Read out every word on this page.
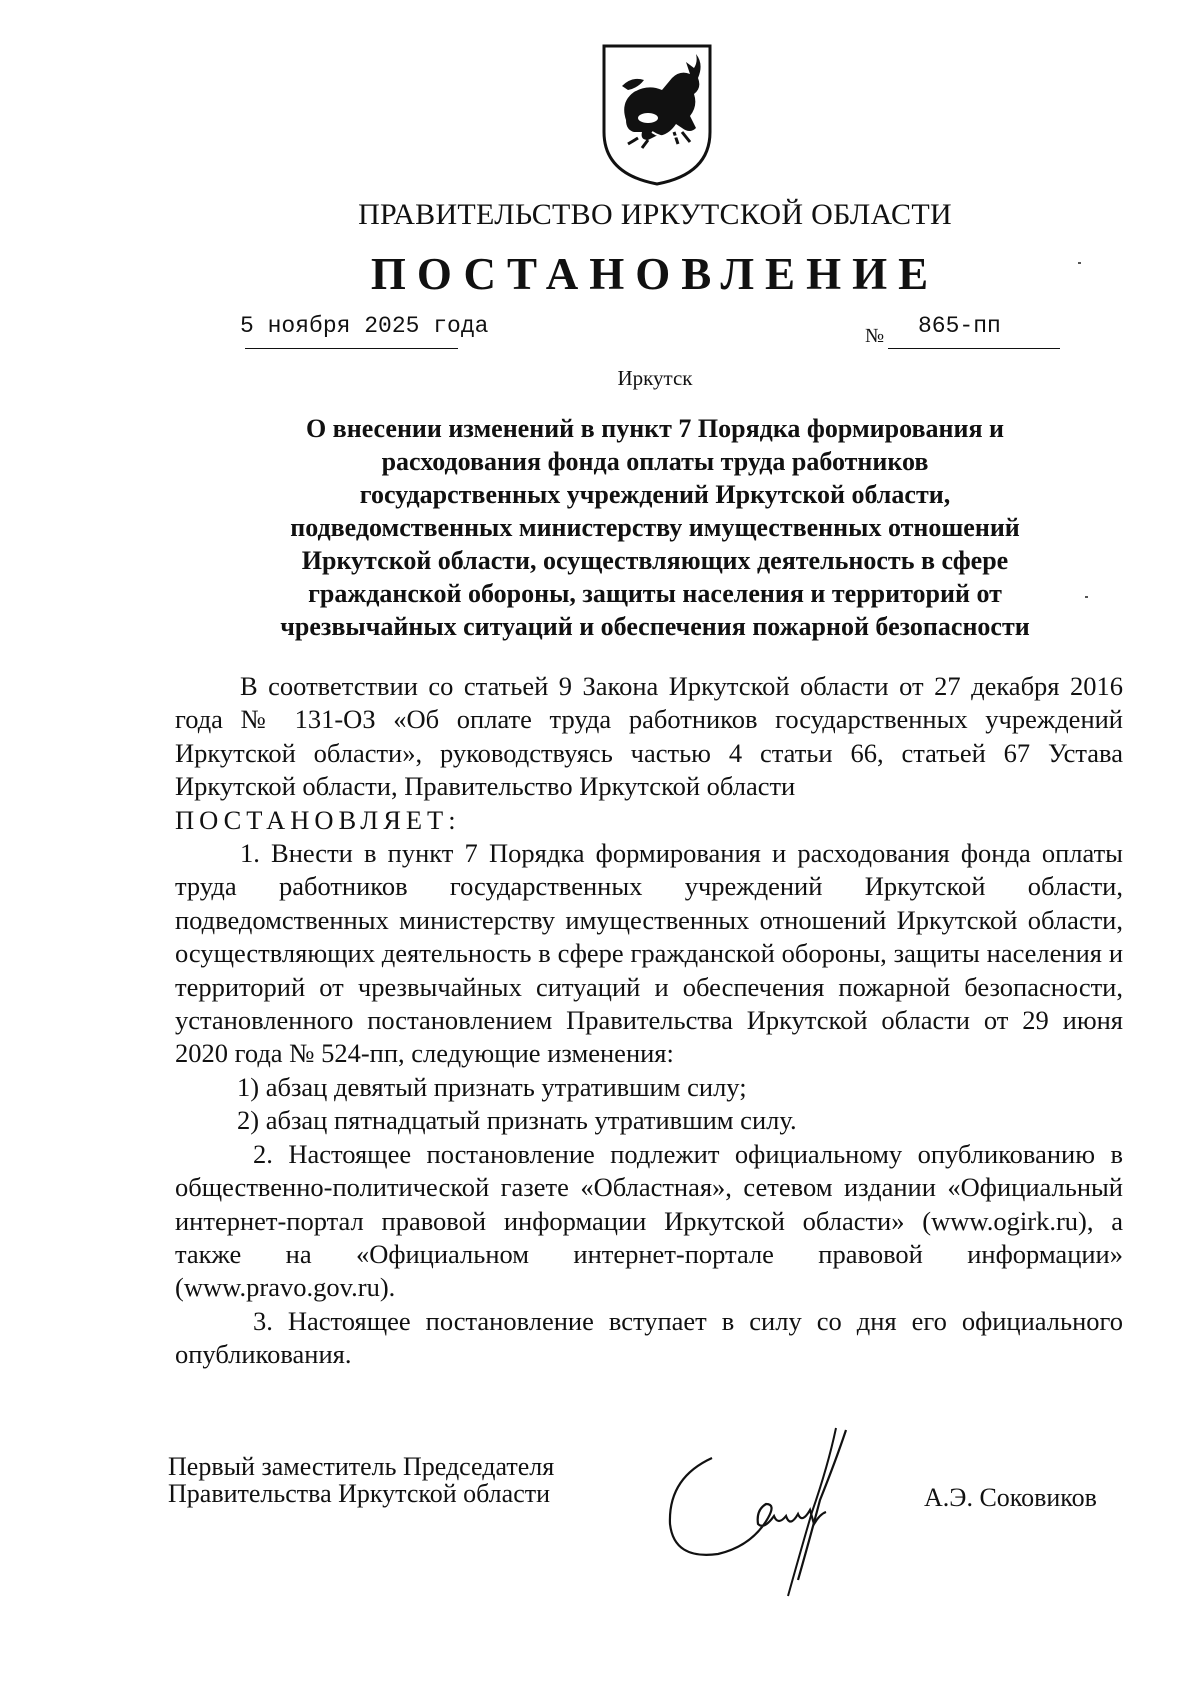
ПРАВИТЕЛЬСТВО ИРКУТСКОЙ ОБЛАСТИ
ПОСТАНОВЛЕНИЕ
5 ноября 2025 года	№ 865-пп
Иркутск
О внесении изменений в пункт 7 Порядка формирования и
расходования фонда оплаты труда работников
государственных учреждений Иркутской области,
подведомственных министерству имущественных отношений
Иркутской области, осуществляющих деятельность в сфере
гражданской обороны, защиты населения и территорий от
чрезвычайных ситуаций и обеспечения пожарной безопасности

В соответствии со статьей 9 Закона Иркутской области от 27 декабря 2016 года № 131-ОЗ «Об оплате труда работников государственных учреждений Иркутской области», руководствуясь частью 4 статьи 66, статьей 67 Устава Иркутской области, Правительство Иркутской области

ПОСТАНОВЛЯЕТ:

1. Внести в пункт 7 Порядка формирования и расходования фонда оплаты труда работников государственных учреждений Иркутской области, подведомственных министерству имущественных отношений Иркутской области, осуществляющих деятельность в сфере гражданской обороны, защиты населения и территорий от чрезвычайных ситуаций и обеспечения пожарной безопасности, установленного постановлением Правительства Иркутской области от 29 июня 2020 года № 524-пп, следующие изменения:

1) абзац девятый признать утратившим силу;

2) абзац пятнадцатый признать утратившим силу.

2. Настоящее постановление подлежит официальному опубликованию в общественно-политической газете «Областная», сетевом издании «Официальный интернет-портал правовой информации Иркутской области» (www.ogirk.ru), а также на «Официальном интернет-портале правовой информации» (www.pravo.gov.ru).

3. Настоящее постановление вступает в силу со дня его официального опубликования.

Первый заместитель Председателя
Правительства Иркутской области	А.Э. Соковиков
